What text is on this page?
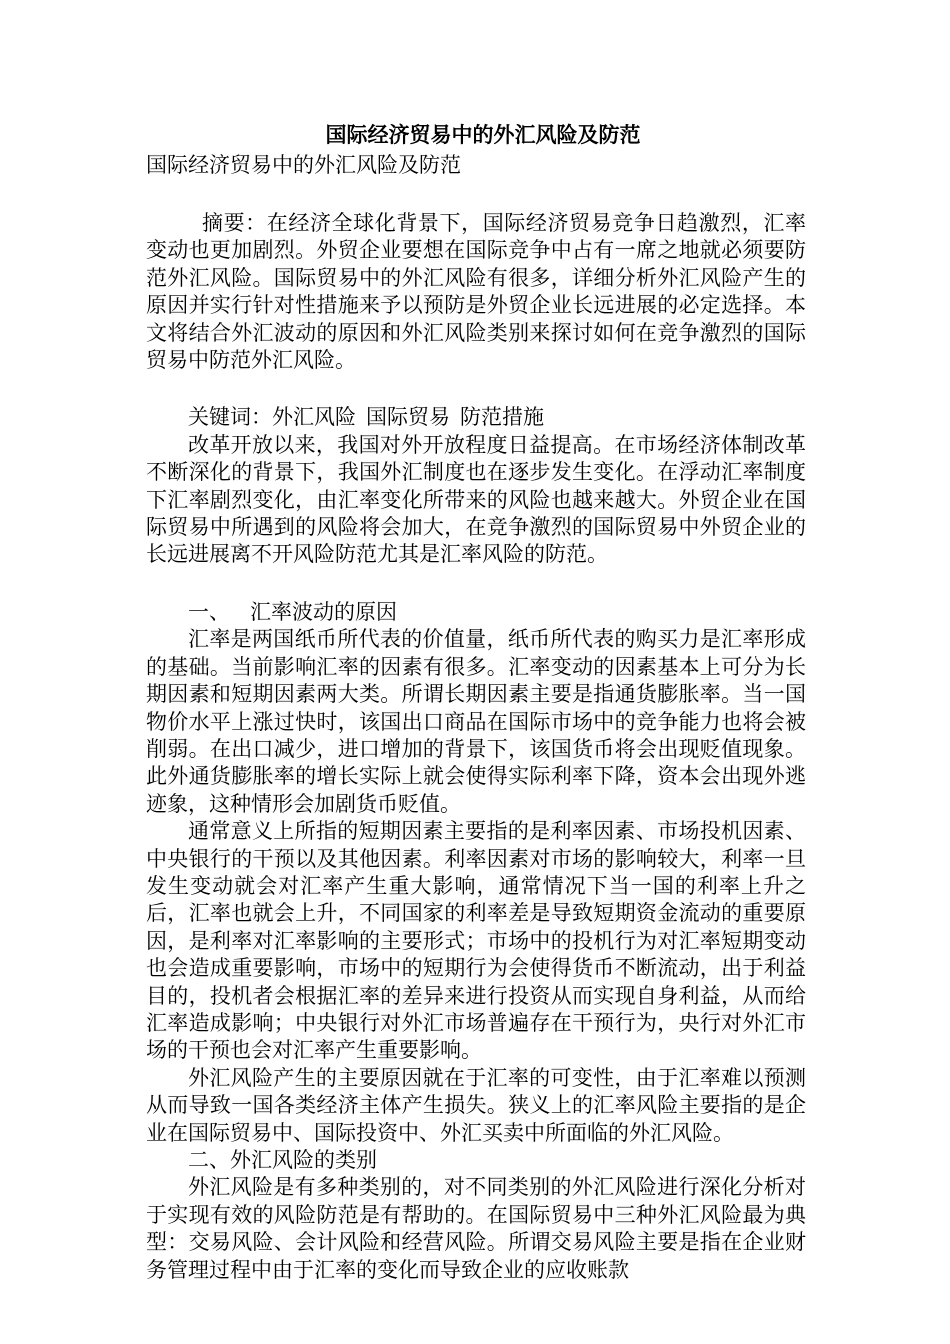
国际经济贸易中的外汇风险及防范

国际经济贸易中的外汇风险及防范

摘要：在经济全球化背景下，国际经济贸易竞争日趋激烈，汇率变动也更加剧烈。外贸企业要想在国际竞争中占有一席之地就必须要防范外汇风险。国际贸易中的外汇风险有很多，详细分析外汇风险产生的原因并实行针对性措施来予以预防是外贸企业长远进展的必定选择。本文将结合外汇波动的原因和外汇风险类别来探讨如何在竞争激烈的国际贸易中防范外汇风险。

关键词：外汇风险 国际贸易 防范措施

改革开放以来，我国对外开放程度日益提高。在市场经济体制改革不断深化的背景下，我国外汇制度也在逐步发生变化。在浮动汇率制度下汇率剧烈变化，由汇率变化所带来的风险也越来越大。外贸企业在国际贸易中所遇到的风险将会加大，在竞争激烈的国际贸易中外贸企业的长远进展离不开风险防范尤其是汇率风险的防范。

一、 汇率波动的原因

汇率是两国纸币所代表的价值量，纸币所代表的购买力是汇率形成的基础。当前影响汇率的因素有很多。汇率变动的因素基本上可分为长期因素和短期因素两大类。所谓长期因素主要是指通货膨胀率。当一国物价水平上涨过快时，该国出口商品在国际市场中的竞争能力也将会被削弱。在出口减少，进口增加的背景下，该国货币将会出现贬值现象。此外通货膨胀率的增长实际上就会使得实际利率下降，资本会出现外逃迹象，这种情形会加剧货币贬值。

通常意义上所指的短期因素主要指的是利率因素、市场投机因素、中央银行的干预以及其他因素。利率因素对市场的影响较大，利率一旦发生变动就会对汇率产生重大影响，通常情况下当一国的利率上升之后，汇率也就会上升，不同国家的利率差是导致短期资金流动的重要原因，是利率对汇率影响的主要形式；市场中的投机行为对汇率短期变动也会造成重要影响，市场中的短期行为会使得货币不断流动，出于利益目的，投机者会根据汇率的差异来进行投资从而实现自身利益，从而给汇率造成影响；中央银行对外汇市场普遍存在干预行为，央行对外汇市场的干预也会对汇率产生重要影响。

外汇风险产生的主要原因就在于汇率的可变性，由于汇率难以预测从而导致一国各类经济主体产生损失。狭义上的汇率风险主要指的是企业在国际贸易中、国际投资中、外汇买卖中所面临的外汇风险。

二、外汇风险的类别

外汇风险是有多种类别的，对不同类别的外汇风险进行深化分析对于实现有效的风险防范是有帮助的。在国际贸易中三种外汇风险最为典型：交易风险、会计风险和经营风险。所谓交易风险主要是指在企业财务管理过程中由于汇率的变化而导致企业的应收账款
